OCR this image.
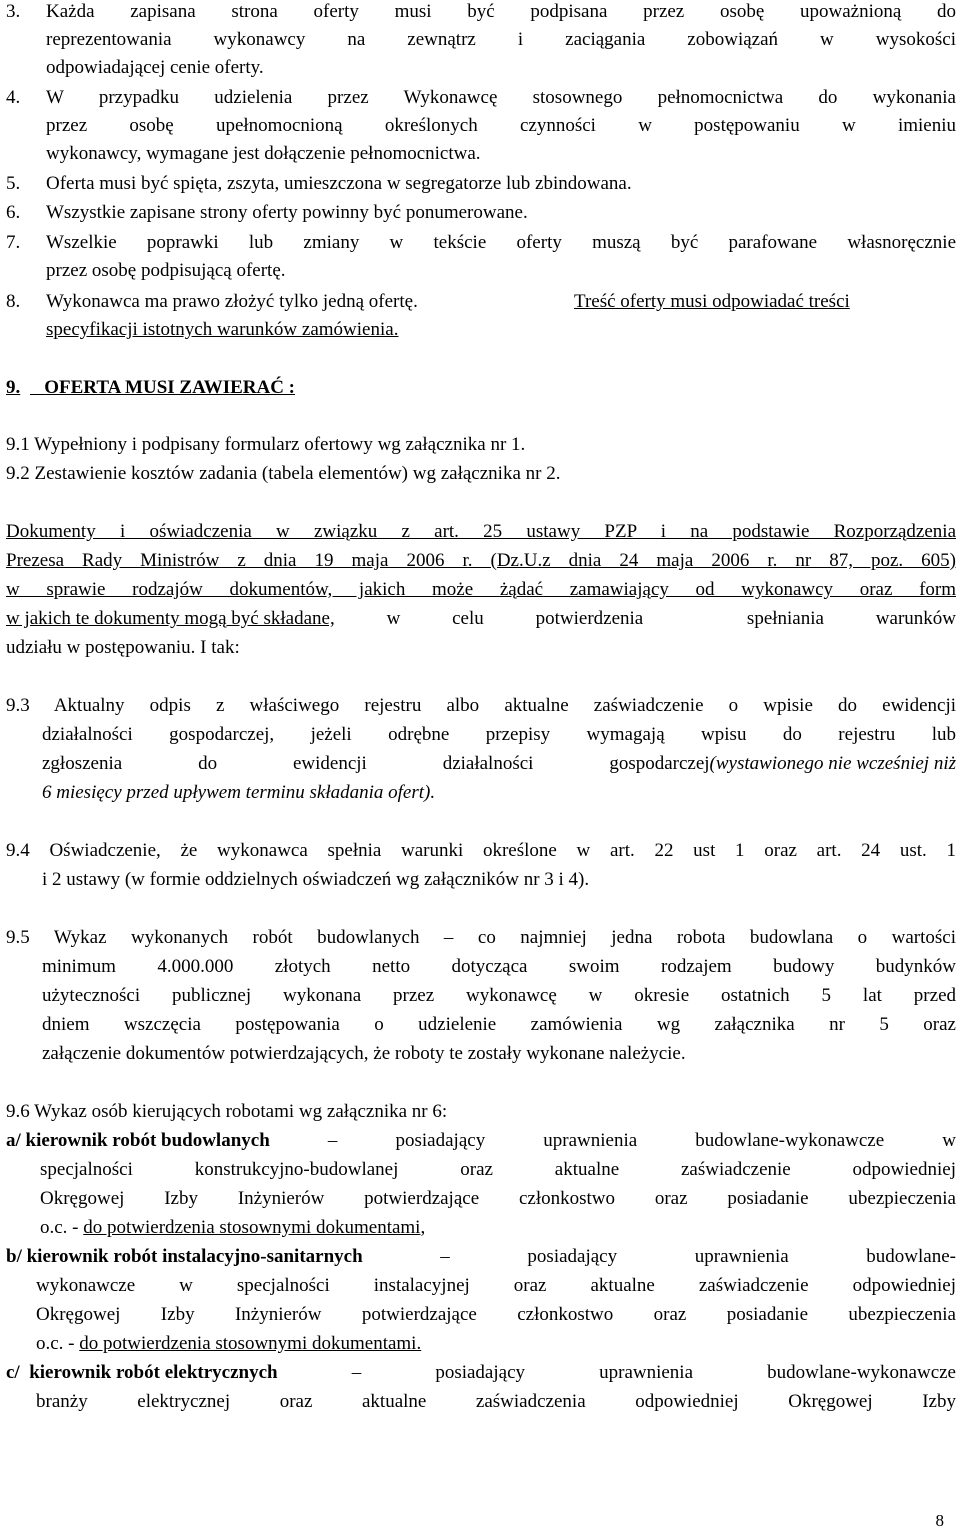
3. Każda zapisana strona oferty musi być podpisana przez osobę upoważnioną do
reprezentowania wykonawcy na zewnątrz i zaciągania zobowiązań w wysokości
odpowiadającej cenie oferty.
4. W przypadku udzielenia przez Wykonawcę stosownego pełnomocnictwa do wykonania
przez osobę upełnomocnioną określonych czynności w postępowaniu w imieniu
wykonawcy, wymagane jest dołączenie pełnomocnictwa.
5. Oferta musi być spięta, zszyta, umieszczona w segregatorze lub zbindowana.
6. Wszystkie zapisane strony oferty powinny być ponumerowane.
7. Wszelkie poprawki lub zmiany w tekście oferty muszą być parafowane własnoręcznie
przez osobę podpisującą ofertę.
8. Wykonawca ma prawo złożyć tylko jedną ofertę.	Treść oferty musi odpowiadać treści
specyfikacji istotnych warunków zamówienia.
9.	OFERTA MUSI ZAWIERAĆ :
9.1 Wypełniony i podpisany formularz ofertowy wg załącznika nr 1.
9.2 Zestawienie kosztów zadania (tabela elementów) wg załącznika nr 2.
Dokumenty i oświadczenia w związku z art. 25 ustawy PZP i na podstawie Rozporządzenia
Prezesa Rady Ministrów z dnia 19 maja 2006 r. (Dz.U.z dnia 24 maja 2006 r. nr 87, poz. 605)
w sprawie rodzajów dokumentów, jakich może żądać zamawiający od wykonawcy oraz form
w jakich te dokumenty mogą być składane, w celu potwierdzenia  spełniania warunków
udziału w postępowaniu. I tak:
9.3 Aktualny odpis z właściwego rejestru albo aktualne zaświadczenie o wpisie do ewidencji
działalności gospodarczej, jeżeli odrębne przepisy wymagają wpisu do rejestru lub
zgłoszenia do ewidencji działalności gospodarczej (wystawionego nie wcześniej niż
6 miesięcy przed upływem terminu składania ofert).
9.4 Oświadczenie, że wykonawca spełnia warunki określone w art. 22 ust 1 oraz art. 24 ust. 1
i 2 ustawy (w formie oddzielnych oświadczeń wg załączników nr 3 i 4).
9.5 Wykaz wykonanych robót budowlanych – co najmniej jedna robota budowlana o wartości
minimum 4.000.000 złotych netto dotycząca swoim rodzajem budowy budynków
użyteczności publicznej wykonana przez wykonawcę w okresie ostatnich 5 lat przed
dniem wszczęcia postępowania o udzielenie zamówienia wg załącznika nr 5 oraz
załączenie dokumentów potwierdzających, że roboty te zostały wykonane należycie.
9.6 Wykaz osób kierujących robotami wg załącznika nr 6:
a/ kierownik robót budowlanych – posiadający uprawnienia budowlane-wykonawcze w
specjalności konstrukcyjno-budowlanej oraz aktualne zaświadczenie odpowiedniej
Okręgowej Izby Inżynierów potwierdzające członkostwo oraz posiadanie ubezpieczenia
o.c. - do potwierdzenia stosownymi dokumentami,
b/ kierownik robót instalacyjno-sanitarnych – posiadający uprawnienia budowlane-
wykonawcze w specjalności instalacyjnej oraz aktualne zaświadczenie odpowiedniej
Okręgowej Izby Inżynierów potwierdzające członkostwo oraz posiadanie ubezpieczenia
o.c. - do potwierdzenia stosownymi dokumentami.
c/  kierownik robót elektrycznych – posiadający uprawnienia budowlane-wykonawcze
branży elektrycznej oraz aktualne zaświadczenia odpowiedniej Okręgowej Izby
8
